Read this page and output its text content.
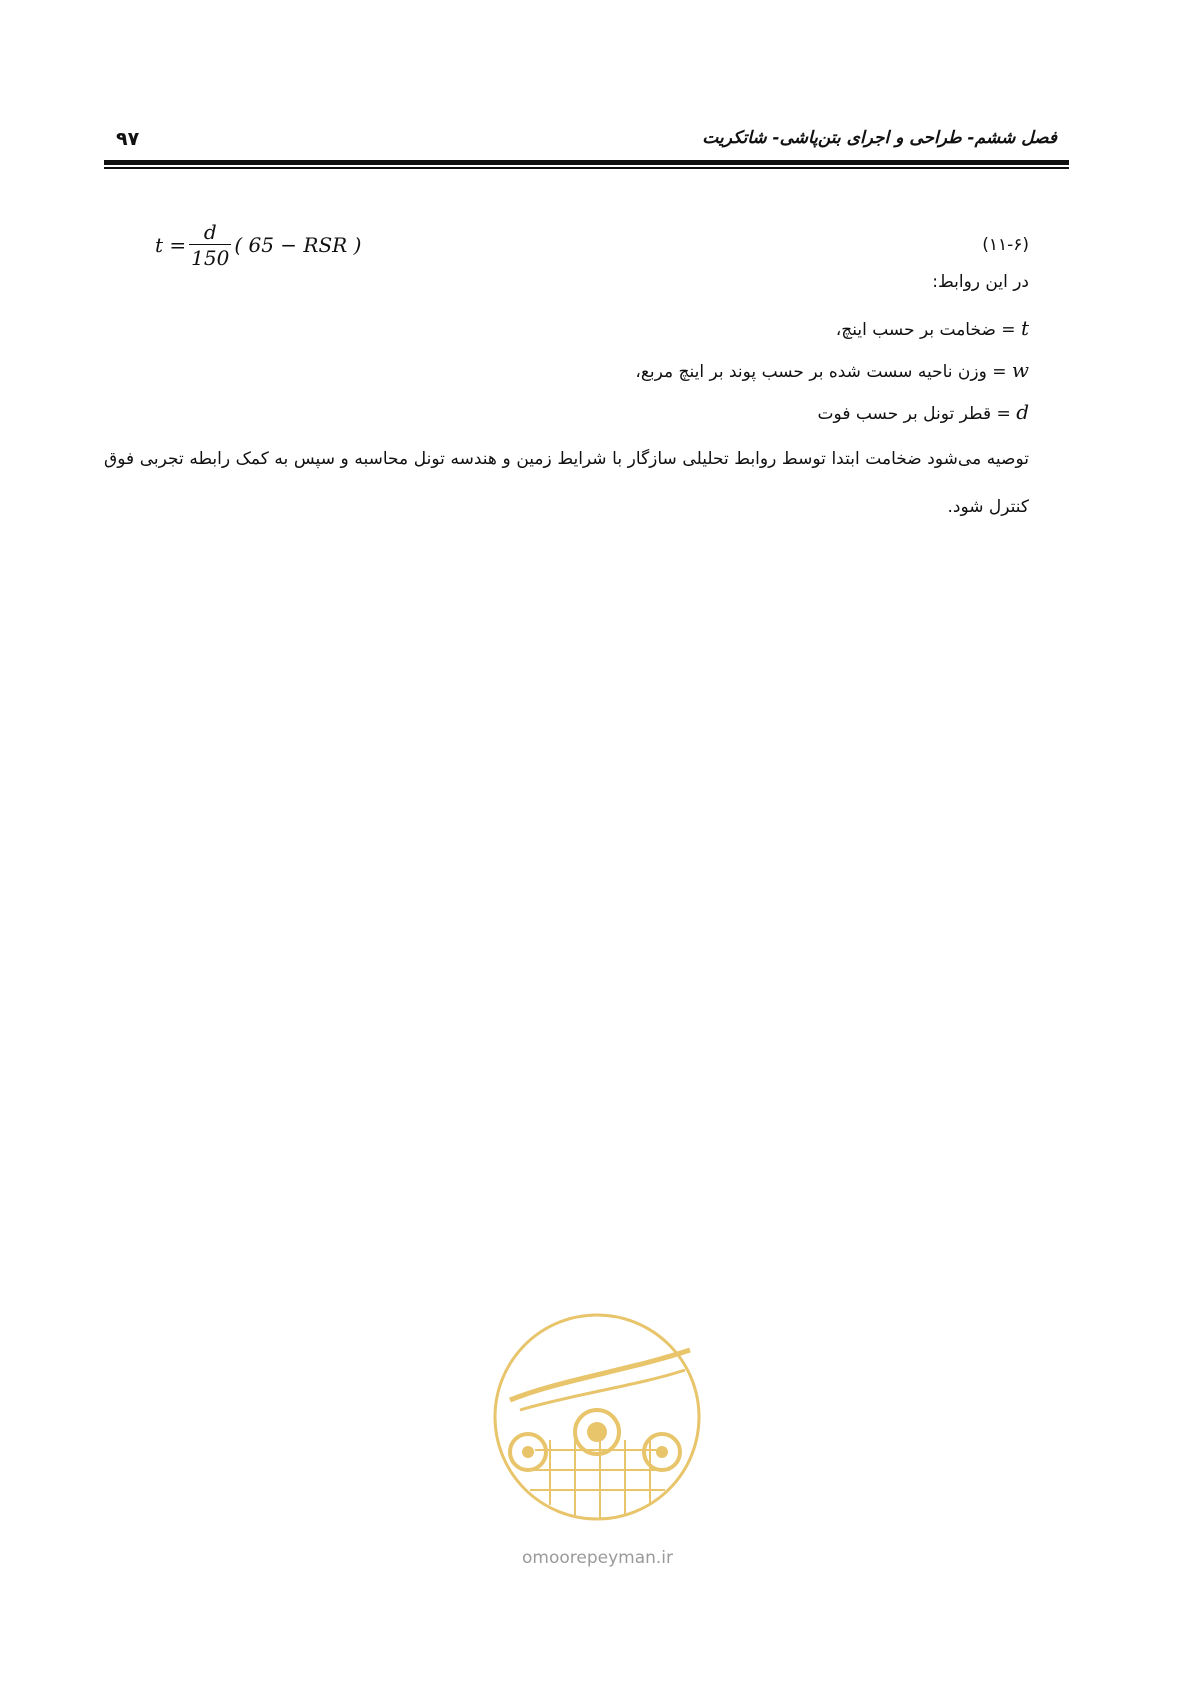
۹۷	فصل ششم- طراحی و اجرای بتن‌پاشی- شاتکریت
$t = \frac{d}{150}$ ( 65 − RSR )	(۱۱-۶)
در این روابط:
t = ضخامت بر حسب اینچ،
w = وزن ناحیه سست شده بر حسب پوند بر اینچ مربع،
d = قطر تونل بر حسب فوت
توصیه می‌شود ضخامت ابتدا توسط روابط تحلیلی سازگار با شرایط زمین و هندسه تونل محاسبه و سپس به کمک رابطه تجربی فوق کنترل شود.
omoorepeyman.ir
